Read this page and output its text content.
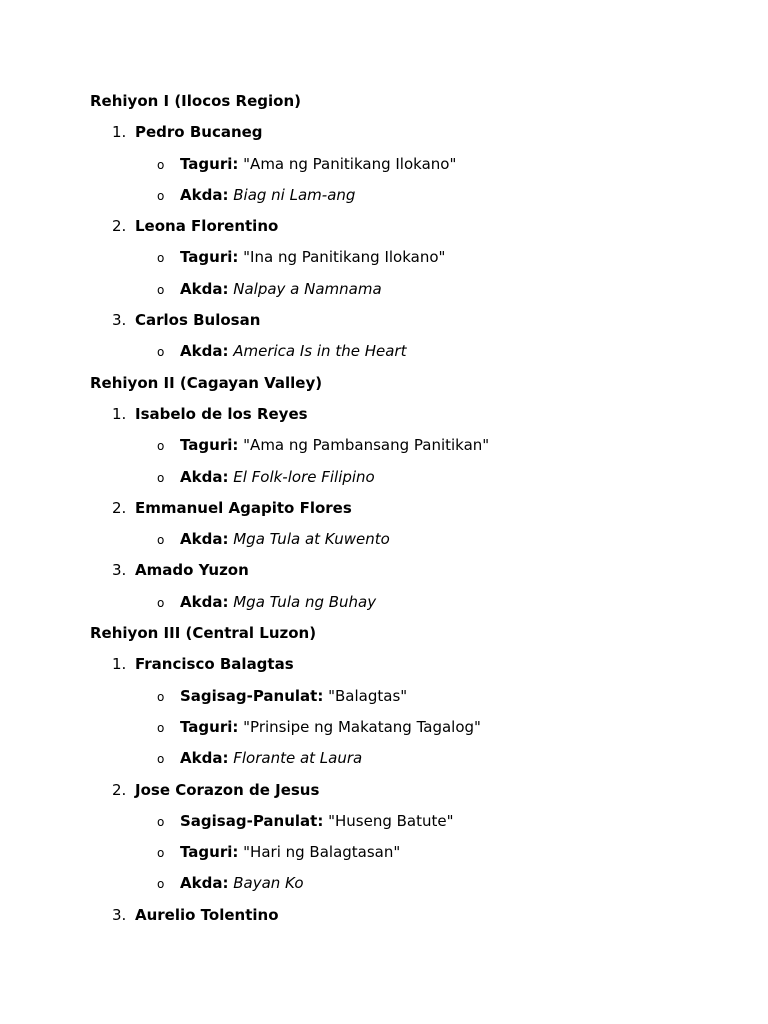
Rehiyon I (Ilocos Region)
1. Pedro Bucaneg
o Taguri: "Ama ng Panitikang Ilokano"
o Akda: Biag ni Lam-ang
2. Leona Florentino
o Taguri: "Ina ng Panitikang Ilokano"
o Akda: Nalpay a Namnama
3. Carlos Bulosan
o Akda: America Is in the Heart
Rehiyon II (Cagayan Valley)
1. Isabelo de los Reyes
o Taguri: "Ama ng Pambansang Panitikan"
o Akda: El Folk-lore Filipino
2. Emmanuel Agapito Flores
o Akda: Mga Tula at Kuwento
3. Amado Yuzon
o Akda: Mga Tula ng Buhay
Rehiyon III (Central Luzon)
1. Francisco Balagtas
o Sagisag-Panulat: "Balagtas"
o Taguri: "Prinsipe ng Makatang Tagalog"
o Akda: Florante at Laura
2. Jose Corazon de Jesus
o Sagisag-Panulat: "Huseng Batute"
o Taguri: "Hari ng Balagtasan"
o Akda: Bayan Ko
3. Aurelio Tolentino
